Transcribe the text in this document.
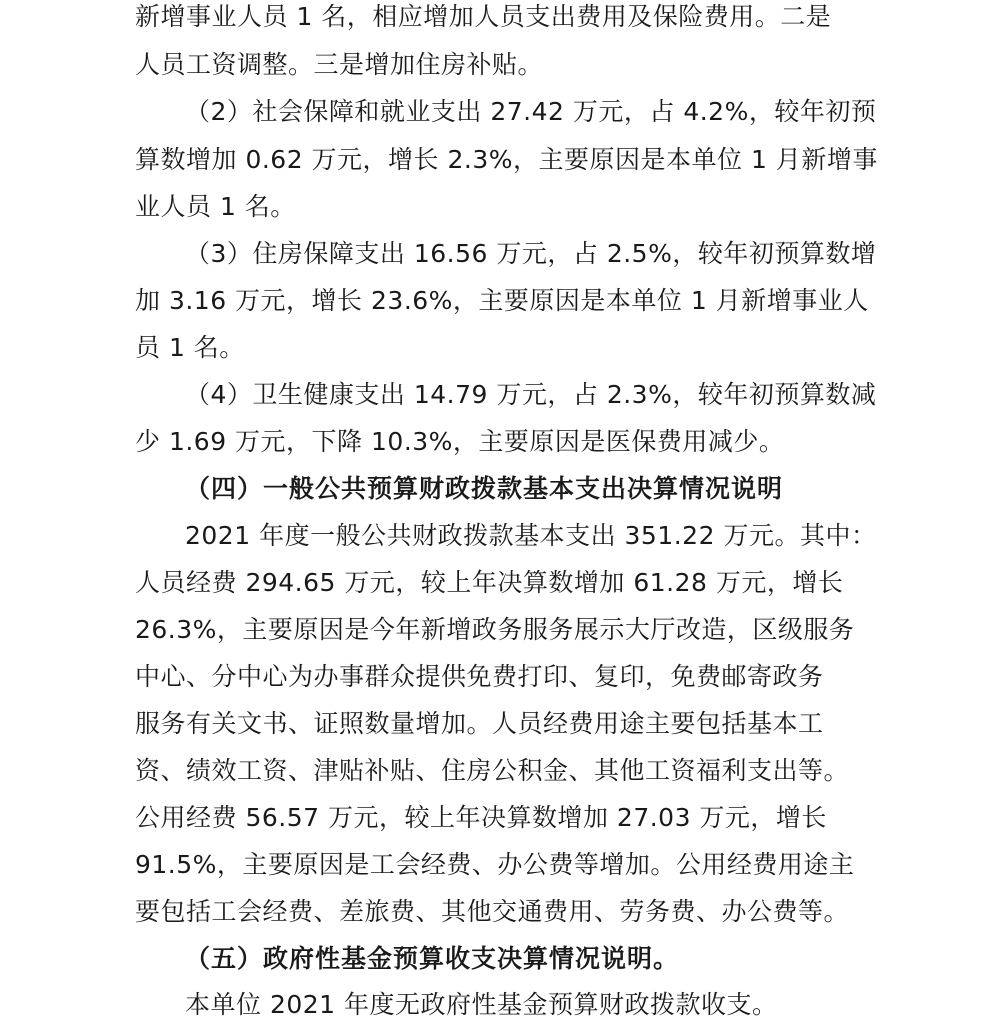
新增事业人员 1 名，相应增加人员支出费用及保险费用。二是
人员工资调整。三是增加住房补贴。
（2）社会保障和就业支出 27.42 万元，占 4.2%，较年初预
算数增加 0.62 万元，增长 2.3%，主要原因是本单位 1 月新增事
业人员 1 名。
（3）住房保障支出 16.56 万元，占 2.5%，较年初预算数增
加 3.16 万元，增长 23.6%，主要原因是本单位 1 月新增事业人
员 1 名。
（4）卫生健康支出 14.79 万元，占 2.3%，较年初预算数减
少 1.69 万元，下降 10.3%，主要原因是医保费用减少。
（四）一般公共预算财政拨款基本支出决算情况说明
2021 年度一般公共财政拨款基本支出 351.22 万元。其中：
人员经费 294.65 万元，较上年决算数增加 61.28 万元，增长
26.3%，主要原因是今年新增政务服务展示大厅改造，区级服务
中心、分中心为办事群众提供免费打印、复印，免费邮寄政务
服务有关文书、证照数量增加。人员经费用途主要包括基本工
资、绩效工资、津贴补贴、住房公积金、其他工资福利支出等。
公用经费 56.57 万元，较上年决算数增加 27.03 万元，增长
91.5%，主要原因是工会经费、办公费等增加。公用经费用途主
要包括工会经费、差旅费、其他交通费用、劳务费、办公费等。
（五）政府性基金预算收支决算情况说明。
本单位 2021 年度无政府性基金预算财政拨款收支。
